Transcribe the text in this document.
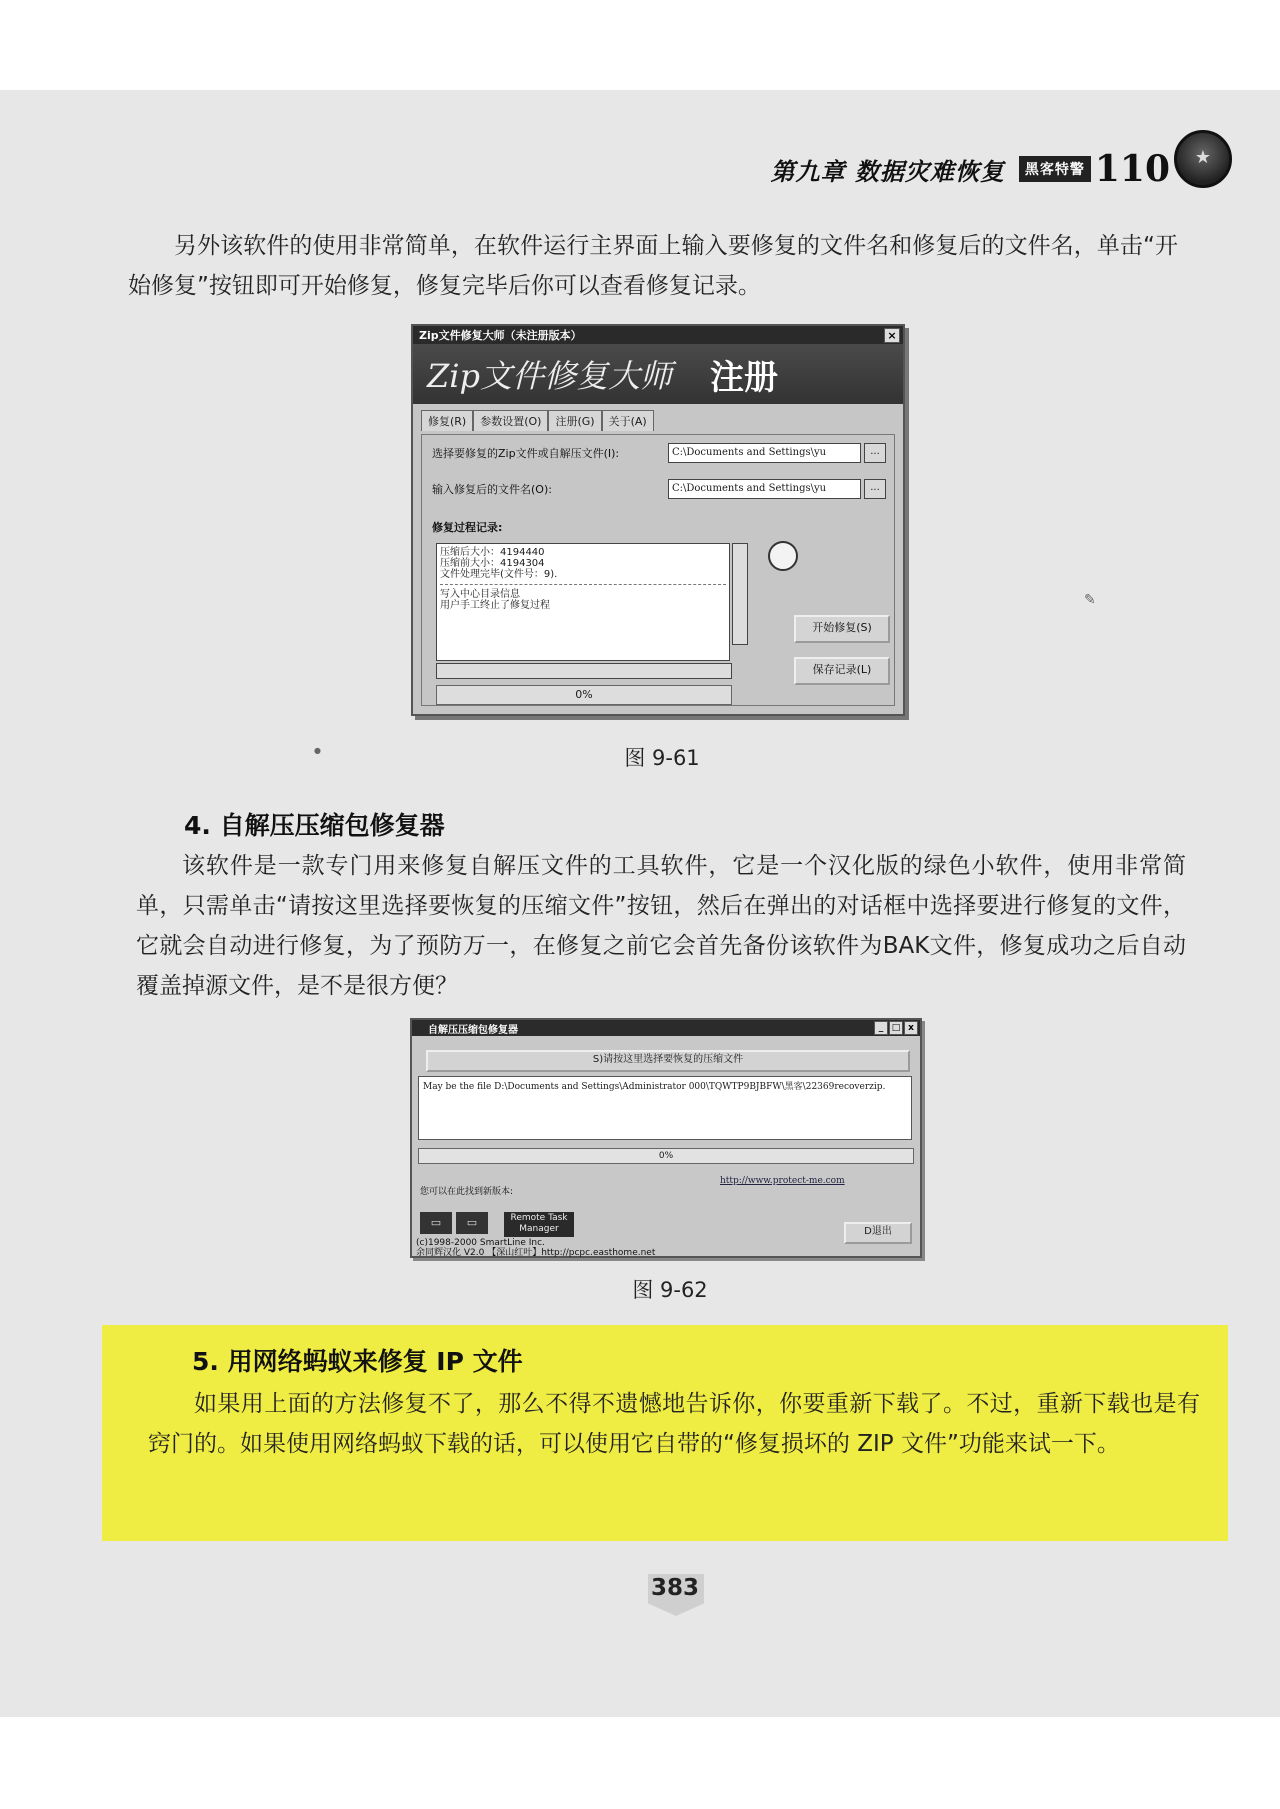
第九章 数据灾难恢复	黑客特警 110
★

另外该软件的使用非常简单，在软件运行主界面上输入要修复的文件名和修复后的文件名，单击“开始修复”按钮即可开始修复，修复完毕后你可以查看修复记录。

Zip文件修复大师（未注册版本）	×
Zip文件修复大师 注册
修复(R)	参数设置(O)	注册(G)	关于(A)
选择要修复的Zip文件或自解压文件(I):	C:\Documents and Settings\yu	...
输入修复后的文件名(O):	C:\Documents and Settings\yu	...
修复过程记录:
压缩后大小：4194440
压缩前大小：4194304
文件处理完毕(文件号：9).
写入中心目录信息
用户手工终止了修复过程
0%
开始修复(S)
保存记录(L)
图 9-61
4. 自解压压缩包修复器

该软件是一款专门用来修复自解压文件的工具软件，它是一个汉化版的绿色小软件，使用非常简单，只需单击“请按这里选择要恢复的压缩文件”按钮，然后在弹出的对话框中选择要进行修复的文件，它就会自动进行修复，为了预防万一，在修复之前它会首先备份该软件为BAK文件，修复成功之后自动覆盖掉源文件，是不是很方便？

自解压压缩包修复器	_ □ x
S)请按这里选择要恢复的压缩文件
May be the file D:\Documents and Settings\Administrator 000\TQWTP9BJBFW\黑客\22369recoverzip.
0%
您可以在此找到新版本:
http://www.protect-me.com
▭	▭	Remote Task
Manager
(c)1998-2000 SmartLine Inc.
余同辉汉化 V2.0 【深山红叶】http://pcpc.easthome.net
D退出
图 9-62
5. 用网络蚂蚁来修复 IP 文件

如果用上面的方法修复不了，那么不得不遗憾地告诉你，你要重新下载了。不过，重新下载也是有窍门的。如果使用网络蚂蚁下载的话，可以使用它自带的“修复损坏的 ZIP 文件”功能来试一下。

383
✎
●
